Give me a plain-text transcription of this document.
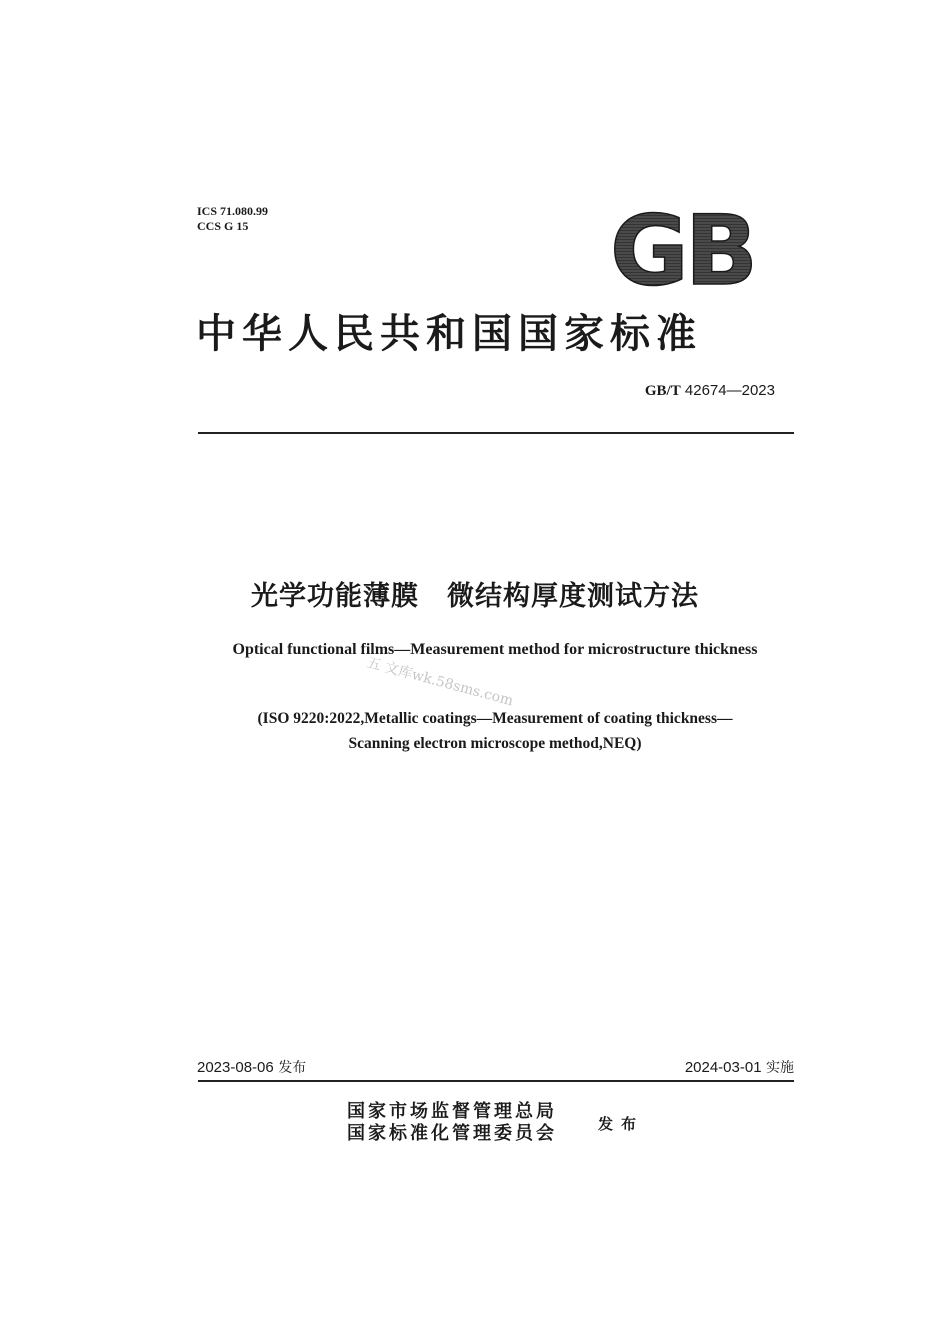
ICS 71.080.99
CCS G 15	GB
中华人民共和国国家标准
GB/T 42674—2023
光学功能薄膜　微结构厚度测试方法
Optical functional films—Measurement method for microstructure thickness
五 文库wk.58sms.com
(ISO 9220:2022,Metallic coatings—Measurement of coating thickness—
Scanning electron microscope method,NEQ)
2023-08-06 发布	2024-03-01 实施
国家市场监督管理总局
国家标准化管理委员会	发布
